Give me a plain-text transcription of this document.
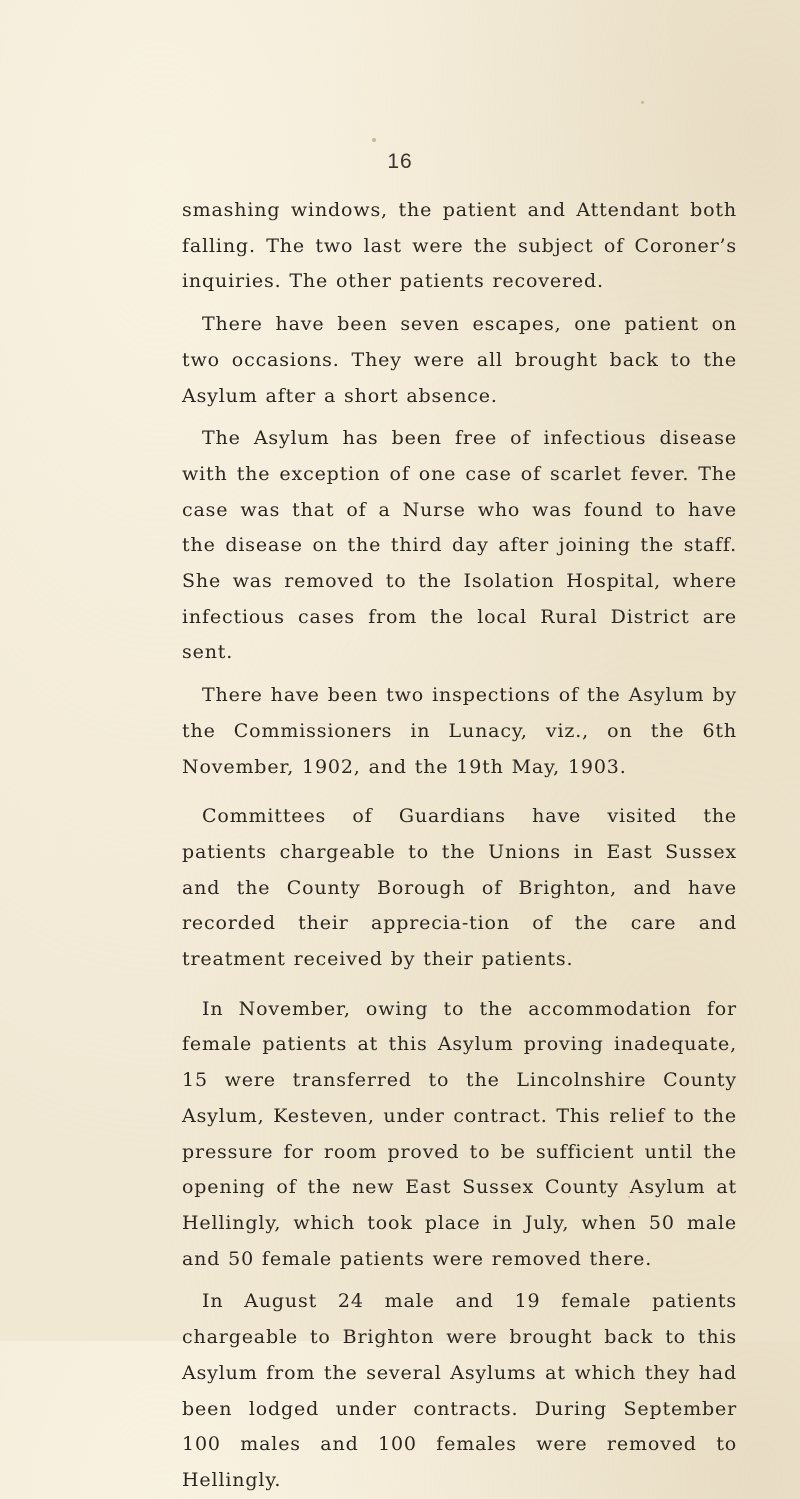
16

smashing windows, the patient and Attendant both falling. The two last were the subject of Coroner’s inquiries. The other patients recovered.

There have been seven escapes, one patient on two occasions. They were all brought back to the Asylum after a short absence.

The Asylum has been free of infectious disease with the exception of one case of scarlet fever. The case was that of a Nurse who was found to have the disease on the third day after joining the staff. She was removed to the Isolation Hospital, where infectious cases from the local Rural District are sent.

There have been two inspections of the Asylum by the Commissioners in Lunacy, viz., on the 6th November, 1902, and the 19th May, 1903.

Committees of Guardians have visited the patients chargeable to the Unions in East Sussex and the County Borough of Brighton, and have recorded their apprecia-tion of the care and treatment received by their patients.

In November, owing to the accommodation for female patients at this Asylum proving inadequate, 15 were transferred to the Lincolnshire County Asylum, Kesteven, under contract. This relief to the pressure for room proved to be sufficient until the opening of the new East Sussex County Asylum at Hellingly, which took place in July, when 50 male and 50 female patients were removed there.

In August 24 male and 19 female patients chargeable to Brighton were brought back to this Asylum from the several Asylums at which they had been lodged under contracts. During September 100 males and 100 females were removed to Hellingly.
